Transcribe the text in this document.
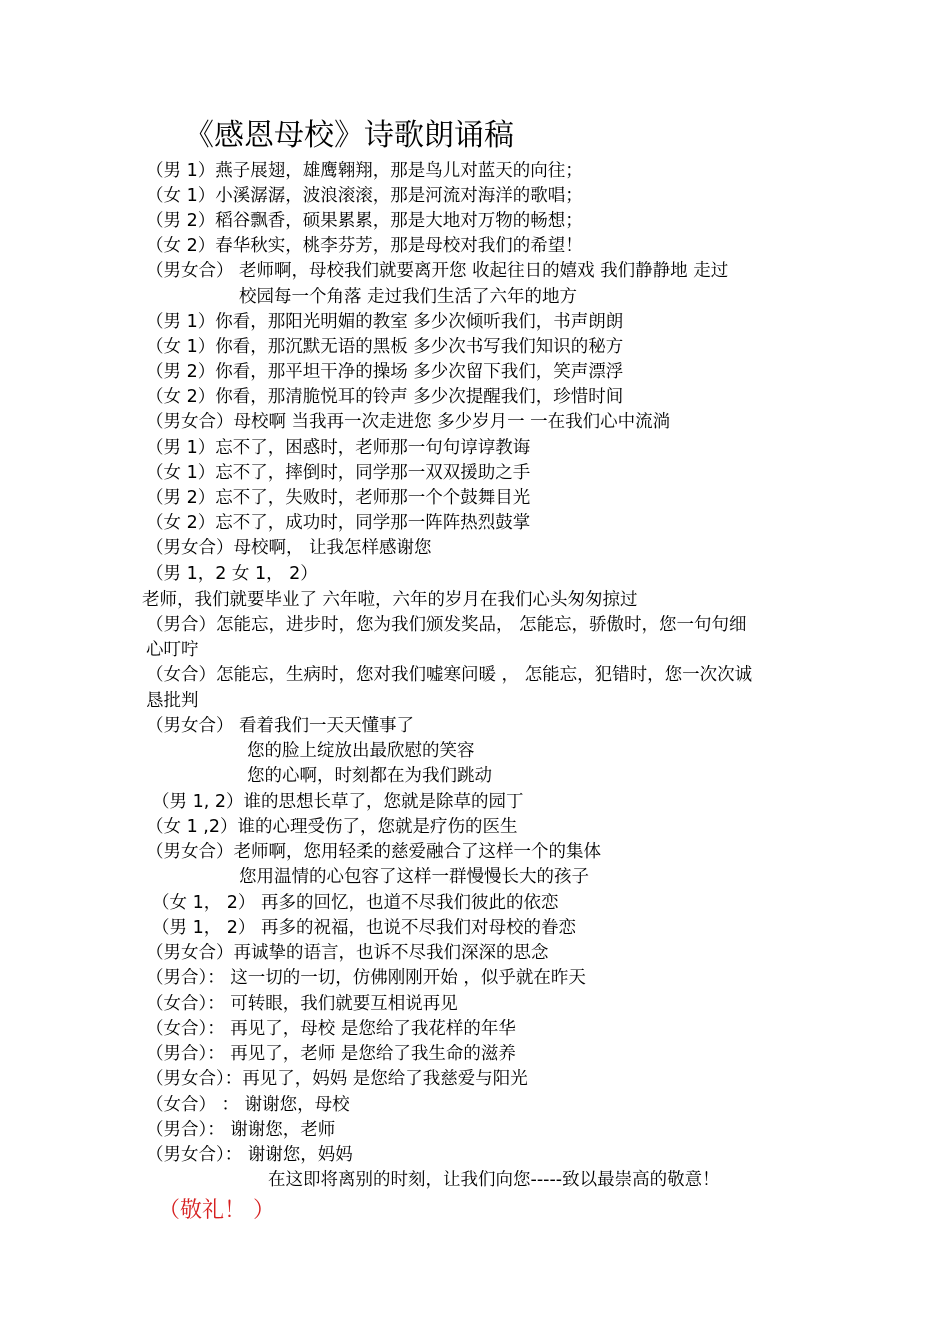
《感恩母校》诗歌朗诵稿
（男 1）燕子展翅，雄鹰翱翔，那是鸟儿对蓝天的向往；
（女 1）小溪潺潺，波浪滚滚，那是河流对海洋的歌唱；
（男 2）稻谷飘香，硕果累累，那是大地对万物的畅想；
（女 2）春华秋实，桃李芬芳，那是母校对我们的希望！
（男女合） 老师啊，母校我们就要离开您 收起往日的嬉戏 我们静静地 走过
校园每一个角落 走过我们生活了六年的地方
（男 1）你看，那阳光明媚的教室 多少次倾听我们，书声朗朗
（女 1）你看，那沉默无语的黑板 多少次书写我们知识的秘方
（男 2）你看，那平坦干净的操场 多少次留下我们，笑声漂浮
（女 2）你看，那清脆悦耳的铃声 多少次提醒我们，珍惜时间
（男女合）母校啊 当我再一次走进您 多少岁月一 一在我们心中流淌
（男 1）忘不了，困惑时，老师那一句句谆谆教诲
（女 1）忘不了，摔倒时，同学那一双双援助之手
（男 2）忘不了，失败时，老师那一个个鼓舞目光
（女 2）忘不了，成功时，同学那一阵阵热烈鼓掌
（男女合）母校啊， 让我怎样感谢您
（男 1，2 女 1， 2）
老师，我们就要毕业了 六年啦，六年的岁月在我们心头匆匆掠过
（男合）怎能忘，进步时，您为我们颁发奖品， 怎能忘，骄傲时，您一句句细
心叮咛
（女合）怎能忘，生病时，您对我们嘘寒问暖 ， 怎能忘，犯错时，您一次次诚
恳批判
（男女合） 看着我们一天天懂事了
您的脸上绽放出最欣慰的笑容
您的心啊，时刻都在为我们跳动
（男 1, 2）谁的思想长草了，您就是除草的园丁
（女 1 ,2）谁的心理受伤了，您就是疗伤的医生
（男女合）老师啊，您用轻柔的慈爱融合了这样一个的集体
您用温情的心包容了这样一群慢慢长大的孩子
（女 1， 2） 再多的回忆，也道不尽我们彼此的依恋
（男 1， 2） 再多的祝福，也说不尽我们对母校的眷恋
（男女合）再诚挚的语言，也诉不尽我们深深的思念
（男合）： 这一切的一切，仿佛刚刚开始 ，似乎就在昨天
（女合）： 可转眼，我们就要互相说再见
（女合）： 再见了，母校 是您给了我花样的年华
（男合）： 再见了，老师 是您给了我生命的滋养
（男女合）：再见了，妈妈 是您给了我慈爱与阳光
（女合） ： 谢谢您，母校
（男合）： 谢谢您，老师
（男女合）： 谢谢您，妈妈
在这即将离别的时刻，让我们向您-----致以最崇高的敬意！
（敬礼！ ）
